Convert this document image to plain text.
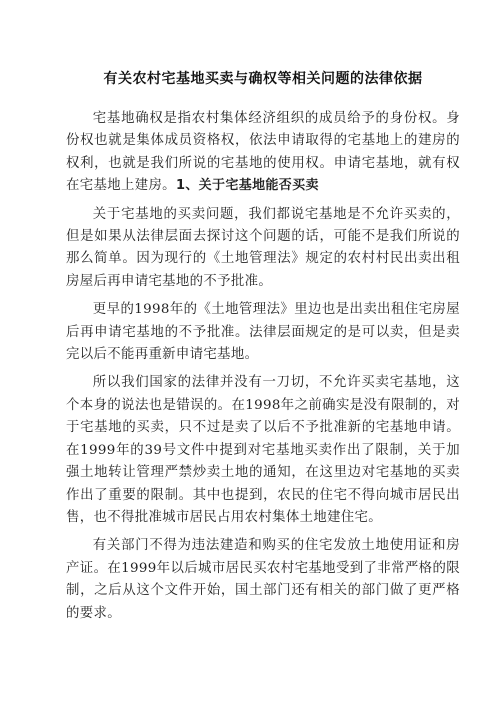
有关农村宅基地买卖与确权等相关问题的法律依据

宅基地确权是指农村集体经济组织的成员给予的身份权。身份权也就是集体成员资格权，依法申请取得的宅基地上的建房的权利，也就是我们所说的宅基地的使用权。申请宅基地，就有权在宅基地上建房。1、关于宅基地能否买卖

关于宅基地的买卖问题，我们都说宅基地是不允许买卖的，但是如果从法律层面去探讨这个问题的话，可能不是我们所说的那么简单。因为现行的《土地管理法》规定的农村村民出卖出租房屋后再申请宅基地的不予批准。

更早的1998年的《土地管理法》里边也是出卖出租住宅房屋后再申请宅基地的不予批准。法律层面规定的是可以卖，但是卖完以后不能再重新申请宅基地。

所以我们国家的法律并没有一刀切，不允许买卖宅基地，这个本身的说法也是错误的。在1998年之前确实是没有限制的，对于宅基地的买卖，只不过是卖了以后不予批准新的宅基地申请。在1999年的39号文件中提到对宅基地买卖作出了限制，关于加强土地转让管理严禁炒卖土地的通知，在这里边对宅基地的买卖作出了重要的限制。其中也提到，农民的住宅不得向城市居民出售，也不得批准城市居民占用农村集体土地建住宅。

有关部门不得为违法建造和购买的住宅发放土地使用证和房产证。在1999年以后城市居民买农村宅基地受到了非常严格的限制，之后从这个文件开始，国土部门还有相关的部门做了更严格的要求。
